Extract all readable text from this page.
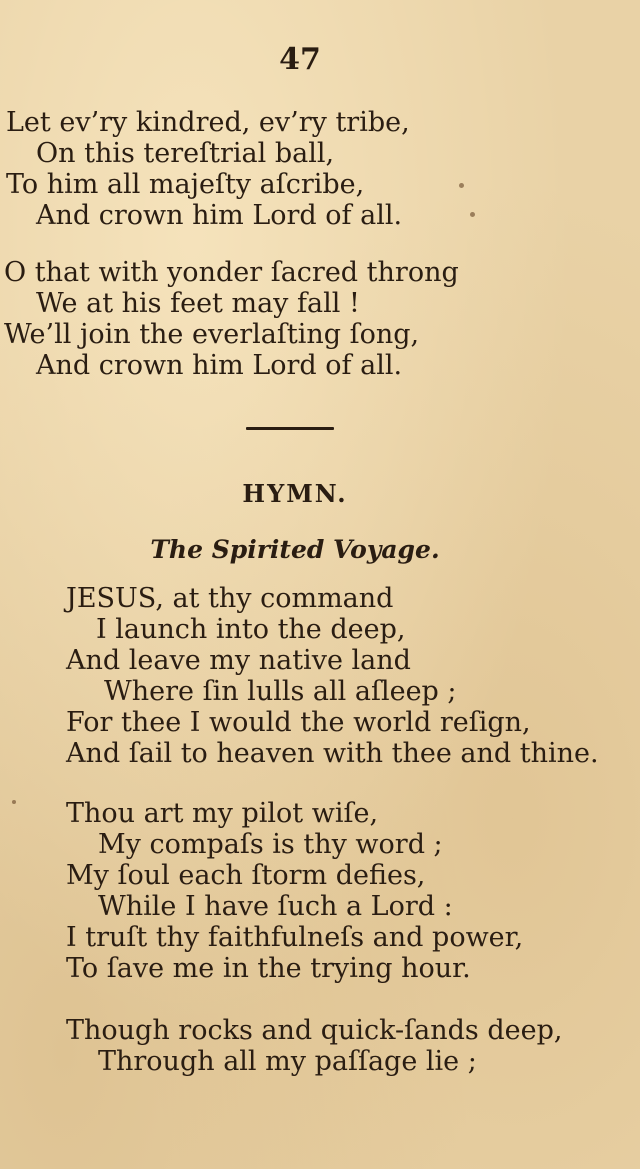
47
Let ev’ry kindred, ev’ry tribe,
On this tereſtrial ball,
To him all majeſty aſcribe,
And crown him Lord of all.
O that with yonder ſacred throng
We at his feet may fall !
We’ll join the everlaſting ſong,
And crown him Lord of all.
HYMN.
The Spirited Voyage.
JESUS, at thy command
I launch into the deep,
And leave my native land
Where ſin lulls all aſleep ;
For thee I would the world reſign,
And ſail to heaven with thee and thine.
Thou art my pilot wiſe,
My compaſs is thy word ;
My ſoul each ſtorm defies,
While I have ſuch a Lord :
I truſt thy faithfulneſs and power,
To ſave me in the trying hour.
Though rocks and quick-ſands deep,
Through all my paſſage lie ;
